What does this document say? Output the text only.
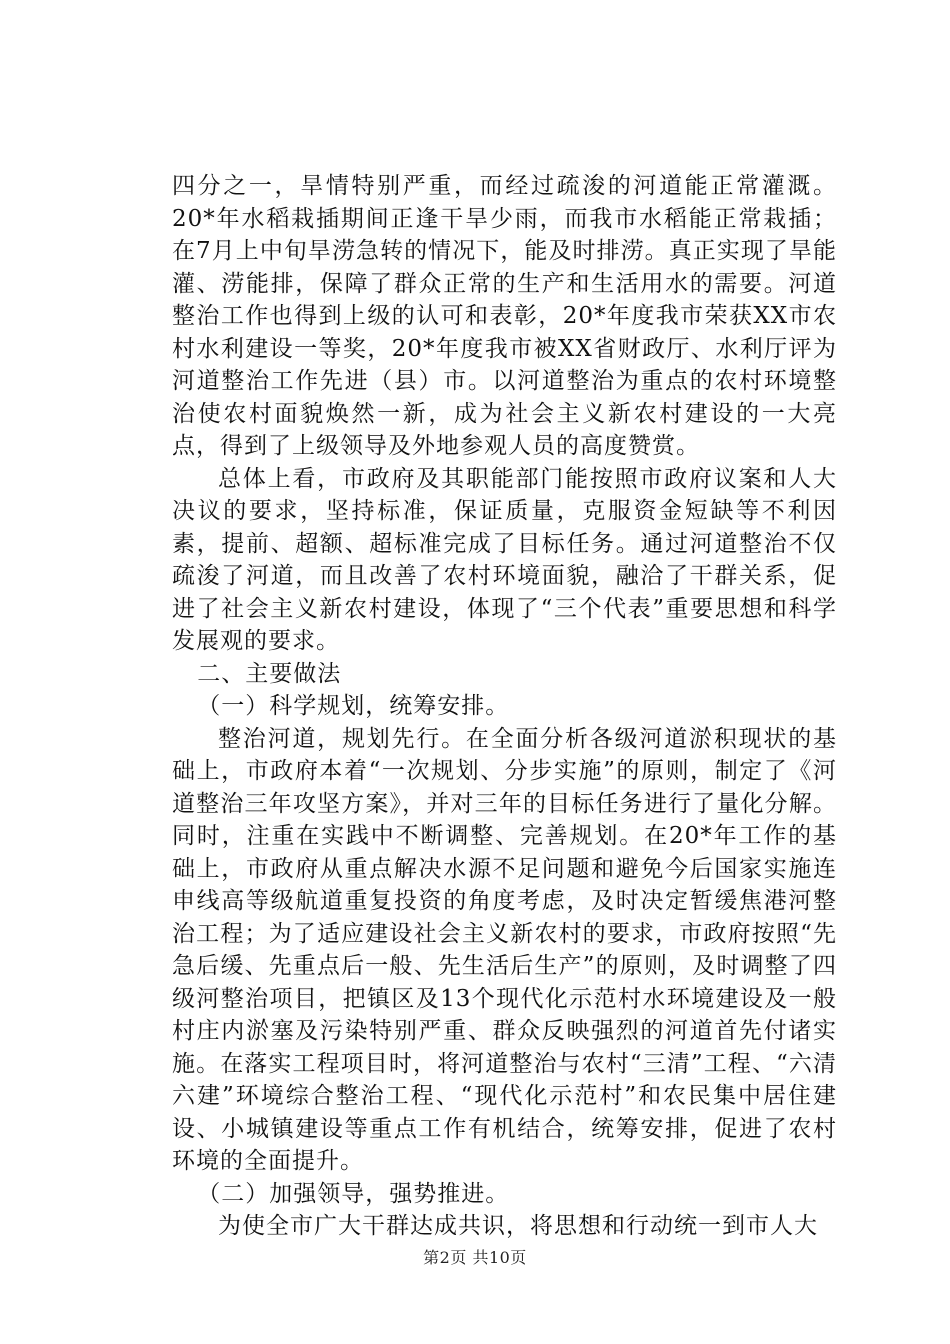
四分之一，旱情特别严重，而经过疏浚的河道能正常灌溉。20*年水稻栽插期间正逢干旱少雨，而我市水稻能正常栽插；在7月上中旬旱涝急转的情况下，能及时排涝。真正实现了旱能灌、涝能排，保障了群众正常的生产和生活用水的需要。河道整治工作也得到上级的认可和表彰，20*年度我市荣获XX市农村水利建设一等奖，20*年度我市被XX省财政厅、水利厅评为河道整治工作先进（县）市。以河道整治为重点的农村环境整治使农村面貌焕然一新，成为社会主义新农村建设的一大亮点，得到了上级领导及外地参观人员的高度赞赏。

总体上看，市政府及其职能部门能按照市政府议案和人大决议的要求，坚持标准，保证质量，克服资金短缺等不利因素，提前、超额、超标准完成了目标任务。通过河道整治不仅疏浚了河道，而且改善了农村环境面貌，融洽了干群关系，促进了社会主义新农村建设，体现了“三个代表”重要思想和科学发展观的要求。

二、主要做法

（一）科学规划，统筹安排。

整治河道，规划先行。在全面分析各级河道淤积现状的基础上，市政府本着“一次规划、分步实施”的原则，制定了《河道整治三年攻坚方案》，并对三年的目标任务进行了量化分解。同时，注重在实践中不断调整、完善规划。在20*年工作的基础上，市政府从重点解决水源不足问题和避免今后国家实施连申线高等级航道重复投资的角度考虑，及时决定暂缓焦港河整治工程；为了适应建设社会主义新农村的要求，市政府按照“先急后缓、先重点后一般、先生活后生产”的原则，及时调整了四级河整治项目，把镇区及13个现代化示范村水环境建设及一般村庄内淤塞及污染特别严重、群众反映强烈的河道首先付诸实施。在落实工程项目时，将河道整治与农村“三清”工程、“六清六建”环境综合整治工程、“现代化示范村”和农民集中居住建设、小城镇建设等重点工作有机结合，统筹安排，促进了农村环境的全面提升。

（二）加强领导，强势推进。

为使全市广大干群达成共识，将思想和行动统一到市人大

第2页 共10页
